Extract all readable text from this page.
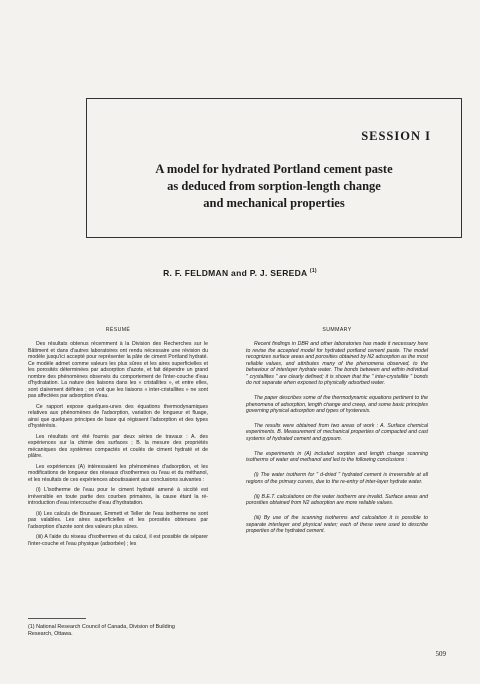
SESSION I
A model for hydrated Portland cement paste
as deduced from sorption-length change
and mechanical properties
R. F. FELDMAN and P. J. SEREDA $^{(1)}$
RÉSUMÉ

Des résultats obtenus récemment à la Division des Recherches sur le Bâtiment et dans d'autres laboratoires ont rendu nécessaire une révision du modèle jusqu'ici accepté pour représenter la pâte de ciment Portland hydraté. Ce modèle admet comme valeurs les plus sûres et les aires superficielles et les porosités déterminées par adsorption d'azote, et fait dépendre un grand nombre des phénomènes observés du comportement de l'inter-couche d'eau d'hydratation. La nature des liaisons dans les « cristallites », et entre elles, sont clairement définies ; on voit que les liaisons « inter-cristallites » ne sont pas affectées par adsorption d'eau.

Ce rapport expose quelques-unes des équations thermodynamiques relatives aux phénomènes de l'adsorption, variation de longueur et fluage, ainsi que quelques principes de base qui régissent l'adsorption et des types d'hystérésis.

Les résultats ont été fournis par deux séries de travaux : A. des expériences sur la chimie des surfaces ; B. la mesure des propriétés mécaniques des systèmes compactés et coulés de ciment hydraté et de plâtre.

Les expériences (A) intéressaient les phénomènes d'adsorption, et les modifications de longueur des réseaux d'isothermes ou l'eau et du méthanol, et les résultats de ces expériences aboutissaient aux conclusions suivantes :

(i) L'isotherme de l'eau pour le ciment hydraté amené à siccité est irréversible en toute partie des courbes primaires, la cause étant la ré-introduction d'eau intercouche d'eau d'hydratation.

(ii) Les calculs de Brunauer, Emmett et Teller de l'eau isotherme ne sont pas valables. Les aires superficielles et les porosités obtenues par l'adsorption d'azote sont des valeurs plus sûres.

(iii) A l'aide du réseau d'isothermes et du calcul, il est possible de séparer l'inter-couche et l'eau physique (adsorbée) ; les

SUMMARY

Recent findings in DBR and other laboratories has made it necessary here to revise the accepted model for hydrated portland cement paste. The model recognizes surface areas and porosities obtained by N2 adsorption as the most reliable values, and attributes many of the phenomena observed, to the behaviour of interlayer hydrate water. The bonds between and within individual " crystallites " are clearly defined; it is shown that the " inter-crystallite " bonds do not separate when exposed to physically adsorbed water.

The paper describes some of the thermodynamic equations pertinent to the phenomena of adsorption, length change and creep, and some basic principles governing physical adsorption and types of hysteresis.

The results were obtained from two areas of work : A. Surface chemical experiments. B. Measurement of mechanical properties of compacted and cast systems of hydrated cement and gypsum.

The experiments in (A) included sorption and length change scanning isotherms of water and methanol and led to the following conclusions :

(i) The water isotherm for " d-dried " hydrated cement is irreversible at all regions of the primary curves, due to the re-entry of inter-layer hydrate water.

(ii) B.E.T. calculations on the water isotherm are invalid. Surface areas and porosities obtained from N2 adsorption are more reliable values.

(iii) By use of the scanning isotherms and calculation it is possible to separate interlayer and physical water; each of these were used to describe properties of the hydrated cement.

(1) National Research Council of Canada, Division of Building Research, Ottawa.
509
